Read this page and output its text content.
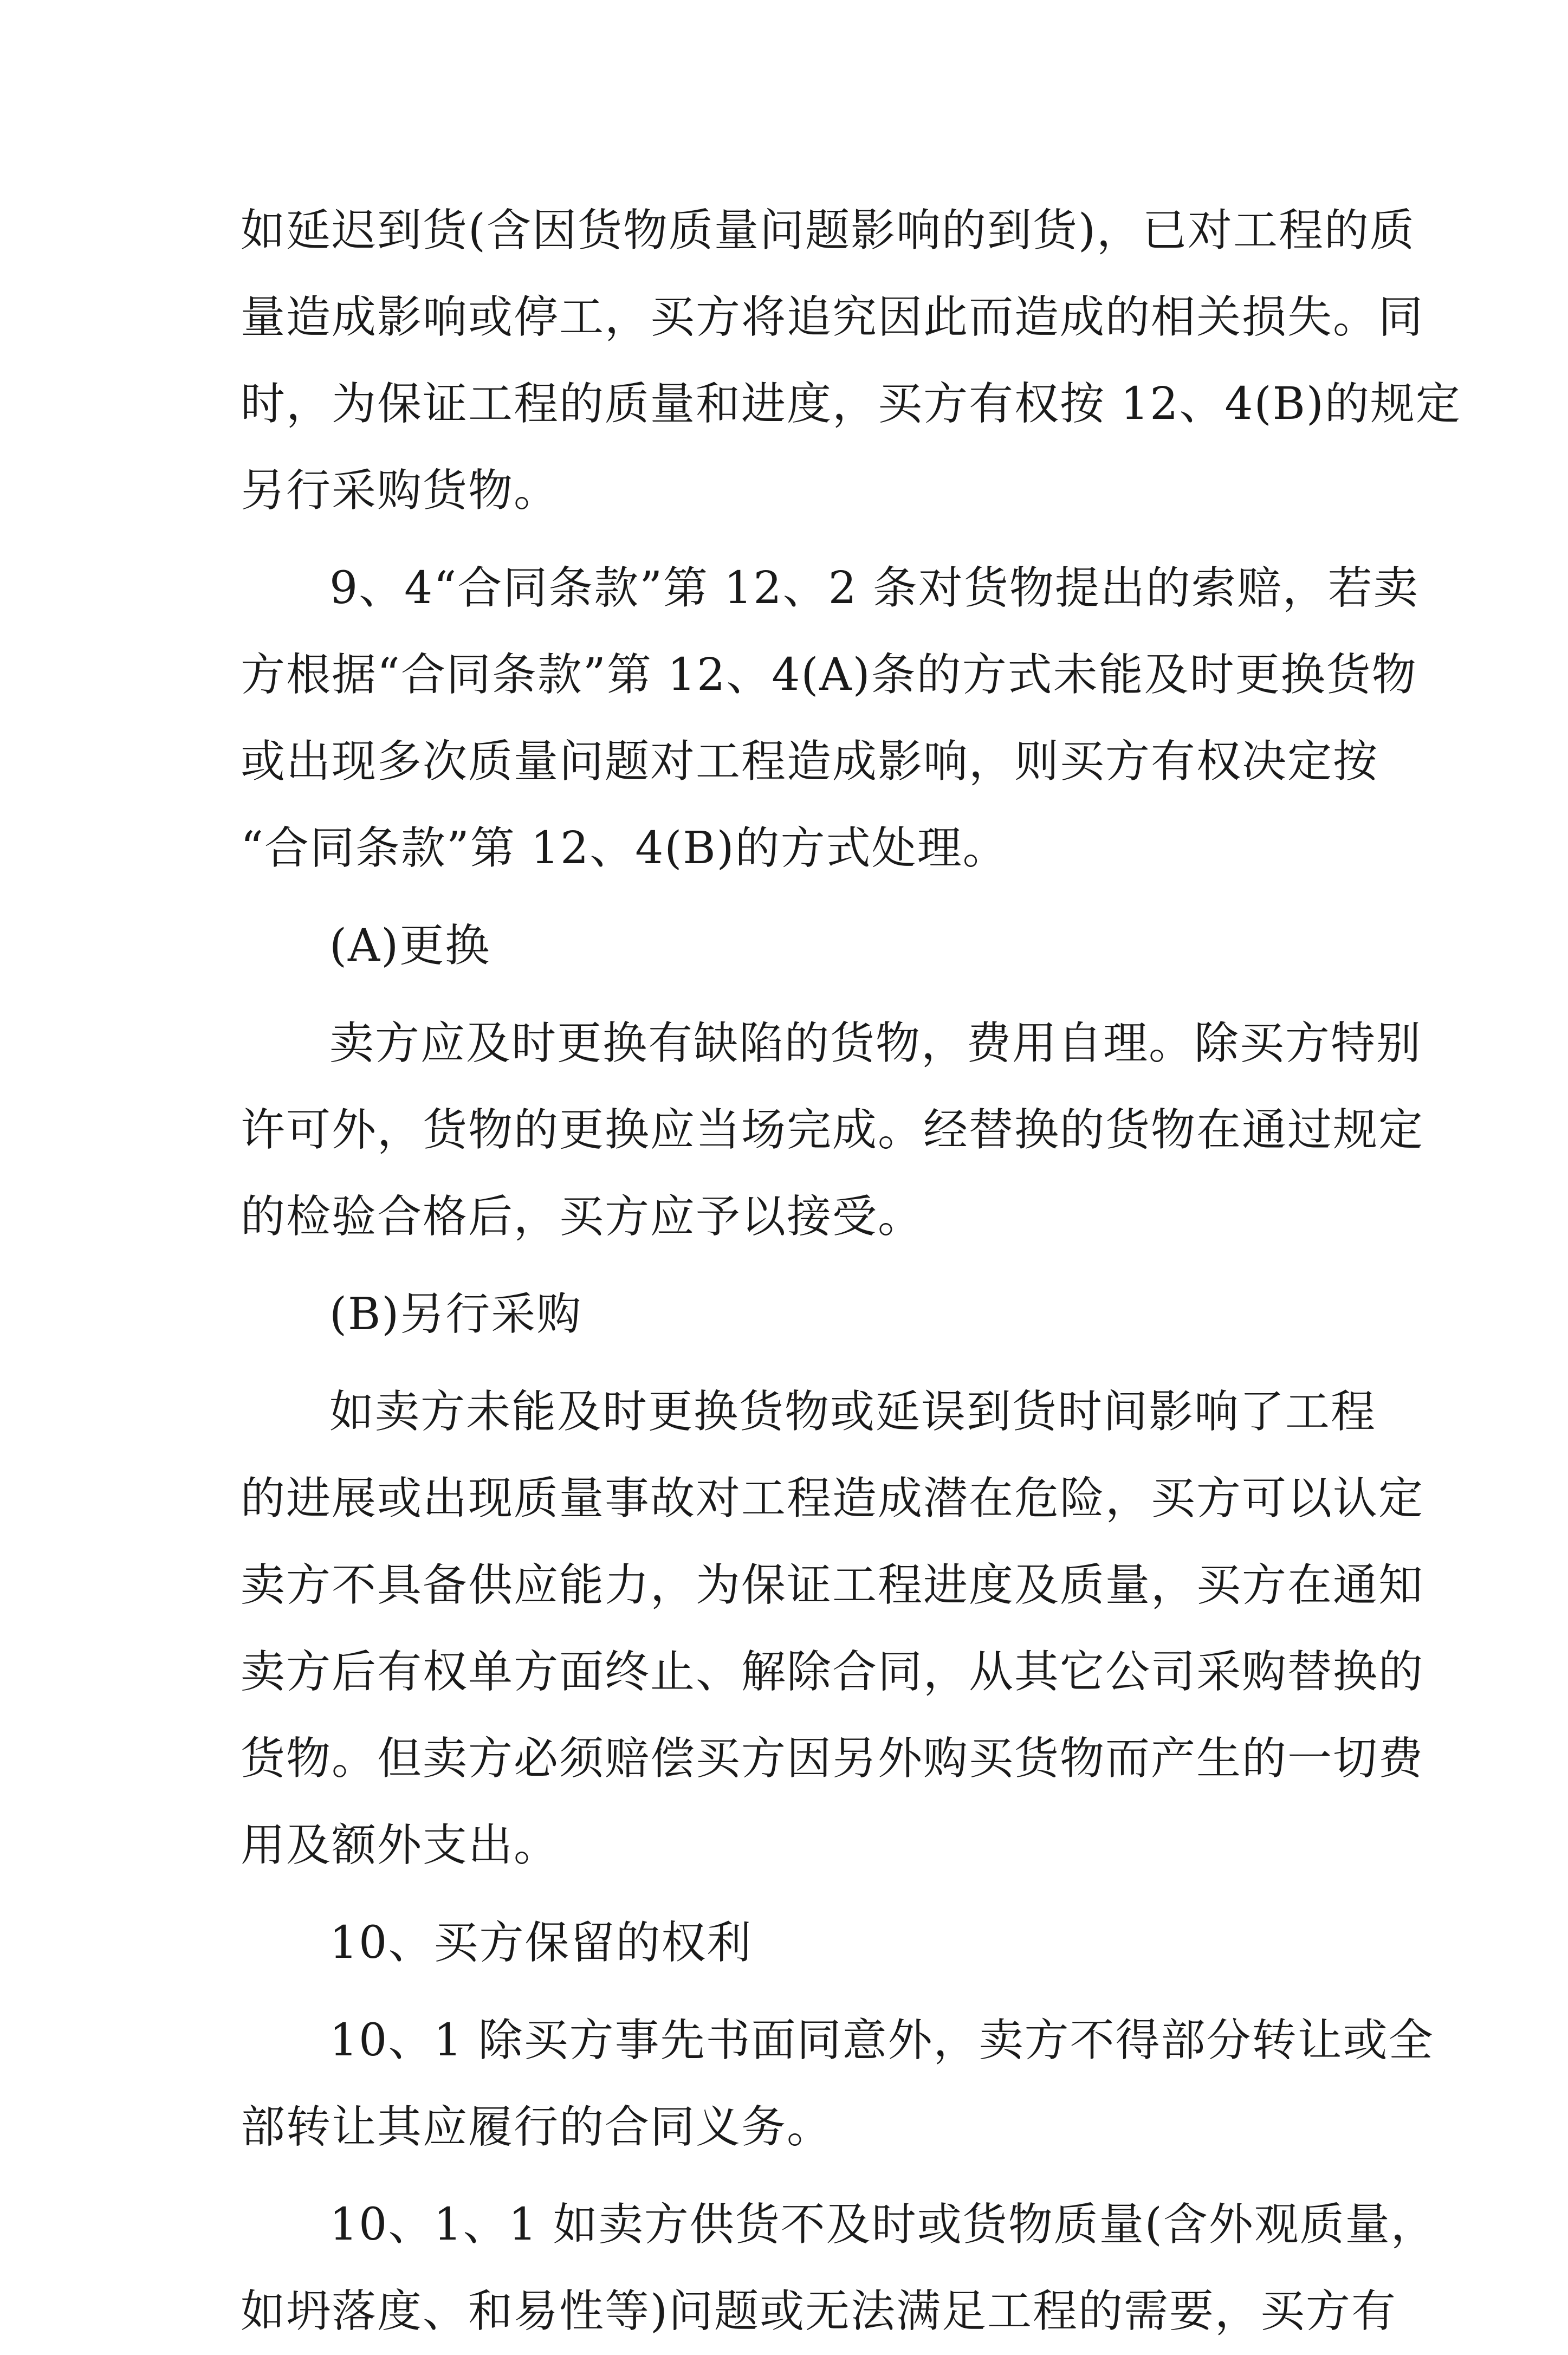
如延迟到货(含因货物质量问题影响的到货)，已对工程的质
量造成影响或停工，买方将追究因此而造成的相关损失。同
时，为保证工程的质量和进度，买方有权按 12、4(B)的规定
另行采购货物。
9、4“合同条款”第 12、2 条对货物提出的索赔，若卖
方根据“合同条款”第 12、4(A)条的方式未能及时更换货物
或出现多次质量问题对工程造成影响，则买方有权决定按
“合同条款”第 12、4(B)的方式处理。
(A)更换
卖方应及时更换有缺陷的货物，费用自理。除买方特别
许可外，货物的更换应当场完成。经替换的货物在通过规定
的检验合格后，买方应予以接受。
(B)另行采购
如卖方未能及时更换货物或延误到货时间影响了工程
的进展或出现质量事故对工程造成潜在危险，买方可以认定
卖方不具备供应能力，为保证工程进度及质量，买方在通知
卖方后有权单方面终止、解除合同，从其它公司采购替换的
货物。但卖方必须赔偿买方因另外购买货物而产生的一切费
用及额外支出。
10、买方保留的权利
10、1 除买方事先书面同意外，卖方不得部分转让或全
部转让其应履行的合同义务。
10、1、1 如卖方供货不及时或货物质量(含外观质量，
如坍落度、和易性等)问题或无法满足工程的需要，买方有
